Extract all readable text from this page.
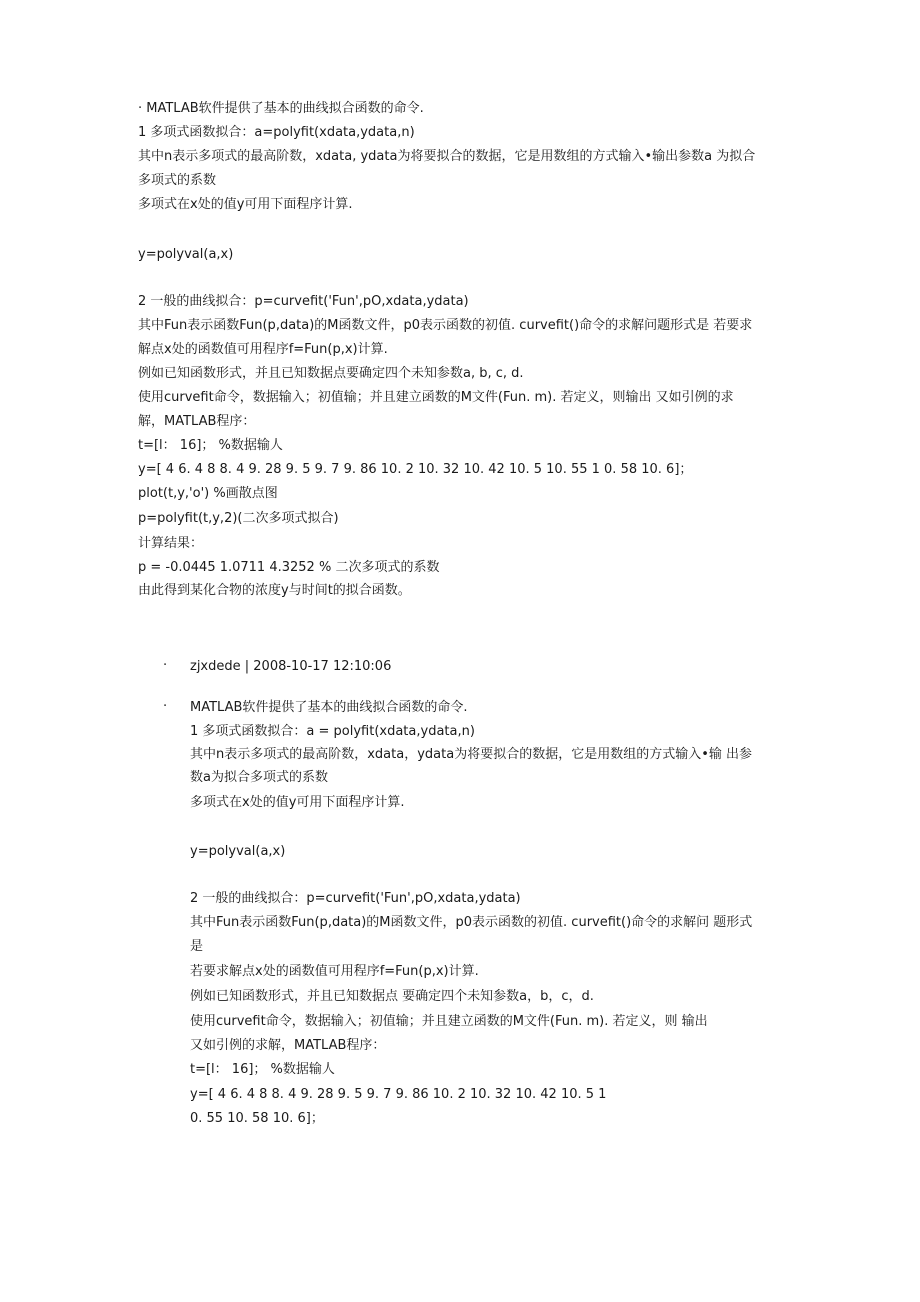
· MATLAB软件提供了基本的曲线拟合函数的命令.
1 多项式函数拟合：a=polyfit(xdata,ydata,n)
其中n表示多项式的最高阶数，xdata, ydata为将要拟合的数据，它是用数组的方式输入•输出参数a 为拟合
多项式的系数
多项式在x处的值y可用下面程序计算.
y=polyval(a,x)
2 一般的曲线拟合：p=curvefit('Fun',pO,xdata,ydata)
其中Fun表示函数Fun(p,data)的M函数文件，p0表示函数的初值. curvefit()命令的求解问题形式是 若要求
解点x处的函数值可用程序f=Fun(p,x)计算.
例如已知函数形式，并且已知数据点要确定四个未知参数a, b, c, d.
使用curvefit命令，数据输入；初值输；并且建立函数的M文件(Fun. m). 若定义，则输出 又如引例的求
解，MATLAB程序：
t=[l： 16]； %数据输人
y=[ 4 6. 4 8 8. 4 9. 28 9. 5 9. 7 9. 86 10. 2 10. 32 10. 42 10. 5 10. 55 1 0. 58 10. 6]；
plot(t,y,'o') %画散点图
p=polyfit(t,y,2)(二次多项式拟合)
计算结果：
p = -0.0445 1.0711 4.3252 % 二次多项式的系数
由此得到某化合物的浓度y与时间t的拟合函数。
· zjxdede | 2008-10-17 12:10:06
· MATLAB软件提供了基本的曲线拟合函数的命令.
1 多项式函数拟合：a = polyfit(xdata,ydata,n)
其中n表示多项式的最高阶数，xdata，ydata为将要拟合的数据，它是用数组的方式输入•输 出参
数a为拟合多项式的系数
多项式在x处的值y可用下面程序计算.
y=polyval(a,x)
2 一般的曲线拟合：p=curvefit('Fun',pO,xdata,ydata)
其中Fun表示函数Fun(p,data)的M函数文件，p0表示函数的初值. curvefit()命令的求解问 题形式
是
若要求解点x处的函数值可用程序f=Fun(p,x)计算.
例如已知函数形式，并且已知数据点 要确定四个未知参数a，b，c，d.
使用curvefit命令，数据输入；初值输；并且建立函数的M文件(Fun. m). 若定义，则 输出
又如引例的求解，MATLAB程序：
t=[l： 16]； %数据输人
y=[ 4 6. 4 8 8. 4 9. 28 9. 5 9. 7 9. 86 10. 2 10. 32 10. 42 10. 5 1
0. 55 10. 58 10. 6]；
